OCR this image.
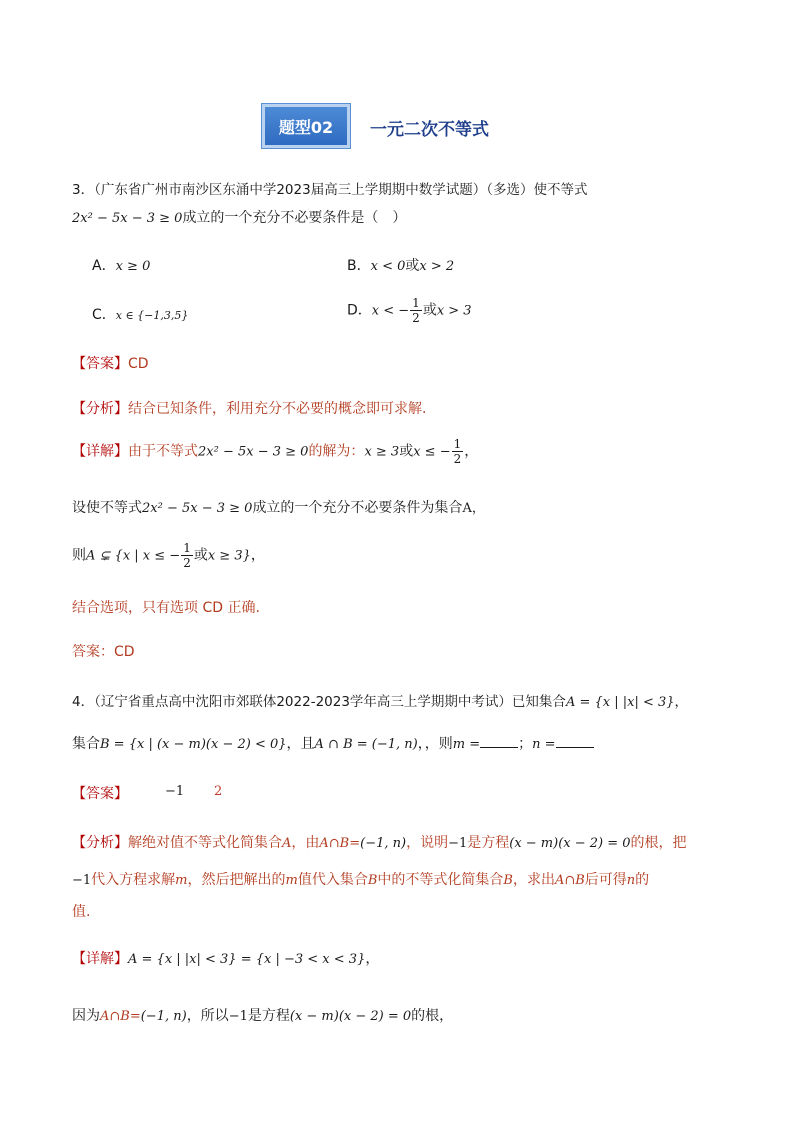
题型02	一元二次不等式
3．（广东省广州市南沙区东涌中学2023届高三上学期期中数学试题）（多选）使不等式
2x² − 5x − 3 ≥ 0成立的一个充分不必要条件是（　）
A．x ≥ 0	B．x < 0或x > 2
C．x ∈ {−1,3,5}	D．x < − $\frac{1}{2}$ 或x > 3
【答案】CD
【分析】结合已知条件，利用充分不必要的概念即可求解.
【详解】由于不等式2x² − 5x − 3 ≥ 0的解为：x ≥ 3或x ≤ − $\frac{1}{2}$ ，
设使不等式2x² − 5x − 3 ≥ 0成立的一个充分不必要条件为集合A，
则A ⊊ {x | x ≤ − $\frac{1}{2}$ 或x ≥ 3}，
结合选项，只有选项 CD 正确.
答案：CD
4．（辽宁省重点高中沈阳市郊联体2022-2023学年高三上学期期中考试）已知集合A = {x | |x| < 3}，
集合B = {x | (x − m)(x − 2) < 0}，且A ∩ B = (−1, n)，，则m =	；n =
【答案】	−1 2
【分析】解绝对值不等式化简集合A，由A∩B=(−1, n)，说明−1是方程(x − m)(x − 2) = 0的根，把
−1代入方程求解m，然后把解出的m值代入集合B中的不等式化简集合B，求出A∩B后可得n的
值.
【详解】A = {x | |x| < 3} = {x | −3 < x < 3}，
因为A∩B=(−1, n)，所以−1是方程(x − m)(x − 2) = 0的根，
